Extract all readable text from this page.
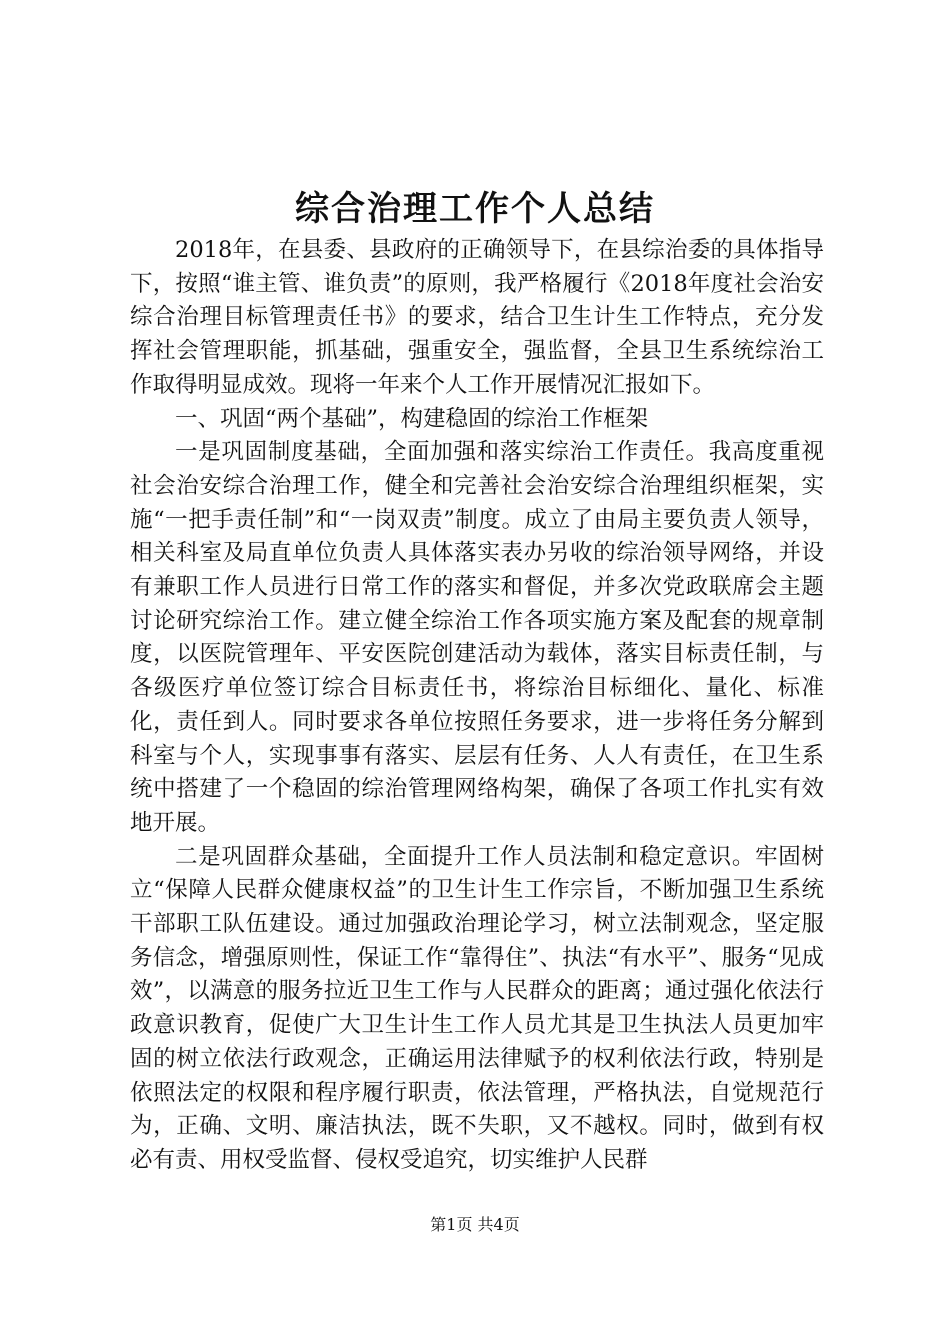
综合治理工作个人总结

2018年，在县委、县政府的正确领导下，在县综治委的具体指导下，按照“谁主管、谁负责”的原则，我严格履行《2018年度社会治安综合治理目标管理责任书》的要求，结合卫生计生工作特点，充分发挥社会管理职能，抓基础，强重安全，强监督，全县卫生系统综治工作取得明显成效。现将一年来个人工作开展情况汇报如下。

一、巩固“两个基础”，构建稳固的综治工作框架

一是巩固制度基础，全面加强和落实综治工作责任。我高度重视社会治安综合治理工作，健全和完善社会治安综合治理组织框架，实施“一把手责任制”和“一岗双责”制度。成立了由局主要负责人领导，相关科室及局直单位负责人具体落实表办另收的综治领导网络，并设有兼职工作人员进行日常工作的落实和督促，并多次党政联席会主题讨论研究综治工作。建立健全综治工作各项实施方案及配套的规章制度，以医院管理年、平安医院创建活动为载体，落实目标责任制，与各级医疗单位签订综合目标责任书，将综治目标细化、量化、标准化，责任到人。同时要求各单位按照任务要求，进一步将任务分解到科室与个人，实现事事有落实、层层有任务、人人有责任，在卫生系统中搭建了一个稳固的综治管理网络构架，确保了各项工作扎实有效地开展。

二是巩固群众基础，全面提升工作人员法制和稳定意识。牢固树立“保障人民群众健康权益”的卫生计生工作宗旨，不断加强卫生系统干部职工队伍建设。通过加强政治理论学习，树立法制观念，坚定服务信念，增强原则性，保证工作“靠得住”、执法“有水平”、服务“见成效”，以满意的服务拉近卫生工作与人民群众的距离；通过强化依法行政意识教育，促使广大卫生计生工作人员尤其是卫生执法人员更加牢固的树立依法行政观念，正确运用法律赋予的权利依法行政，特别是依照法定的权限和程序履行职责，依法管理，严格执法，自觉规范行为，正确、文明、廉洁执法，既不失职，又不越权。同时，做到有权必有责、用权受监督、侵权受追究，切实维护人民群

第1页 共4页
